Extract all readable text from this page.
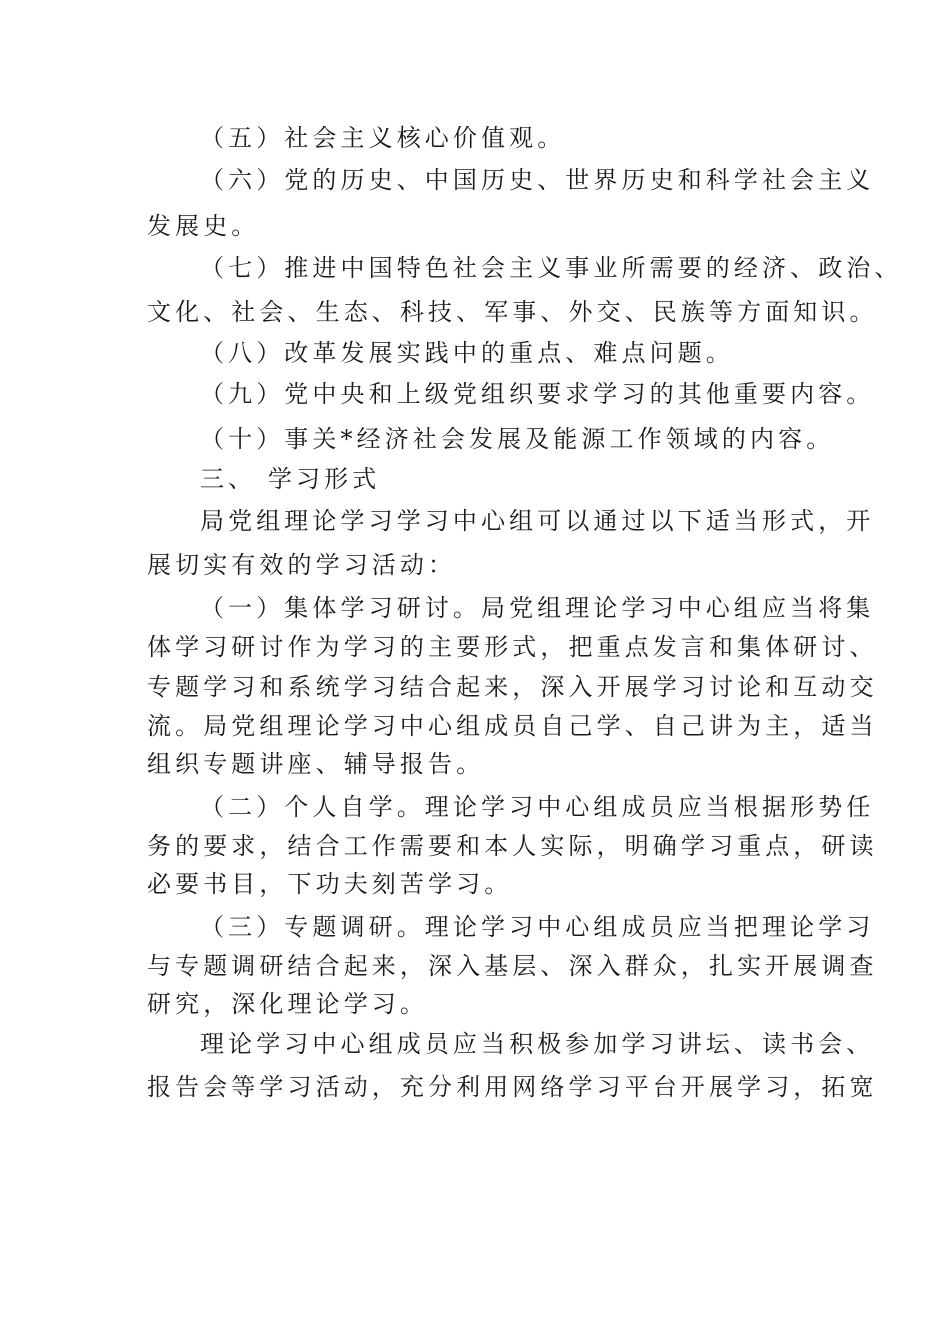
（五）社会主义核心价值观。
（六）党的历史、中国历史、世界历史和科学社会主义
发展史。
（七）推进中国特色社会主义事业所需要的经济、政治、
文化、社会、生态、科技、军事、外交、民族等方面知识。
（八）改革发展实践中的重点、难点问题。
（九）党中央和上级党组织要求学习的其他重要内容。
（十）事关*经济社会发展及能源工作领域的内容。
三、 学习形式
局党组理论学习学习中心组可以通过以下适当形式，开
展切实有效的学习活动：
（一）集体学习研讨。局党组理论学习中心组应当将集
体学习研讨作为学习的主要形式，把重点发言和集体研讨、
专题学习和系统学习结合起来，深入开展学习讨论和互动交
流。局党组理论学习中心组成员自己学、自己讲为主，适当
组织专题讲座、辅导报告。
（二）个人自学。理论学习中心组成员应当根据形势任
务的要求，结合工作需要和本人实际，明确学习重点，研读
必要书目，下功夫刻苦学习。
（三）专题调研。理论学习中心组成员应当把理论学习
与专题调研结合起来，深入基层、深入群众，扎实开展调查
研究，深化理论学习。
理论学习中心组成员应当积极参加学习讲坛、读书会、
报告会等学习活动，充分利用网络学习平台开展学习，拓宽
